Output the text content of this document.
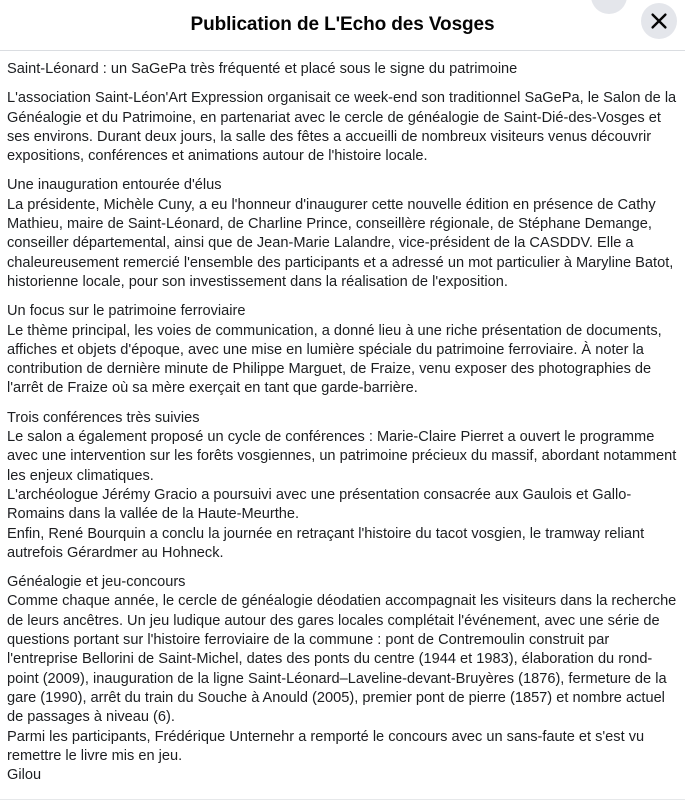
Publication de L'Echo des Vosges

Saint-Léonard : un SaGePa très fréquenté et placé sous le signe du patrimoine

L'association Saint-Léon'Art Expression organisait ce week-end son traditionnel SaGePa, le Salon de la Généalogie et du Patrimoine, en partenariat avec le cercle de généalogie de Saint-Dié-des-Vosges et ses environs. Durant deux jours, la salle des fêtes a accueilli de nombreux visiteurs venus découvrir expositions, conférences et animations autour de l'histoire locale.

Une inauguration entourée d'élus
La présidente, Michèle Cuny, a eu l'honneur d'inaugurer cette nouvelle édition en présence de Cathy Mathieu, maire de Saint-Léonard, de Charline Prince, conseillère régionale, de Stéphane Demange, conseiller départemental, ainsi que de Jean-Marie Lalandre, vice-président de la CASDDV. Elle a chaleureusement remercié l'ensemble des participants et a adressé un mot particulier à Maryline Batot, historienne locale, pour son investissement dans la réalisation de l'exposition.
Un focus sur le patrimoine ferroviaire
Le thème principal, les voies de communication, a donné lieu à une riche présentation de documents, affiches et objets d'époque, avec une mise en lumière spéciale du patrimoine ferroviaire. À noter la contribution de dernière minute de Philippe Marguet, de Fraize, venu exposer des photographies de l'arrêt de Fraize où sa mère exerçait en tant que garde-barrière.
Trois conférences très suivies
Le salon a également proposé un cycle de conférences : Marie-Claire Pierret a ouvert le programme avec une intervention sur les forêts vosgiennes, un patrimoine précieux du massif, abordant notamment les enjeux climatiques.
L'archéologue Jérémy Gracio a poursuivi avec une présentation consacrée aux Gaulois et Gallo-Romains dans la vallée de la Haute-Meurthe.
Enfin, René Bourquin a conclu la journée en retraçant l'histoire du tacot vosgien, le tramway reliant autrefois Gérardmer au Hohneck.
Généalogie et jeu-concours
Comme chaque année, le cercle de généalogie déodatien accompagnait les visiteurs dans la recherche de leurs ancêtres. Un jeu ludique autour des gares locales complétait l'événement, avec une série de questions portant sur l'histoire ferroviaire de la commune : pont de Contremoulin construit par l'entreprise Bellorini de Saint-Michel, dates des ponts du centre (1944 et 1983), élaboration du rond-point (2009), inauguration de la ligne Saint-Léonard–Laveline-devant-Bruyères (1876), fermeture de la gare (1990), arrêt du train du Souche à Anould (2005), premier pont de pierre (1857) et nombre actuel de passages à niveau (6).
Parmi les participants, Frédérique Unternehr a remporté le concours avec un sans-faute et s'est vu remettre le livre mis en jeu.
Gilou
